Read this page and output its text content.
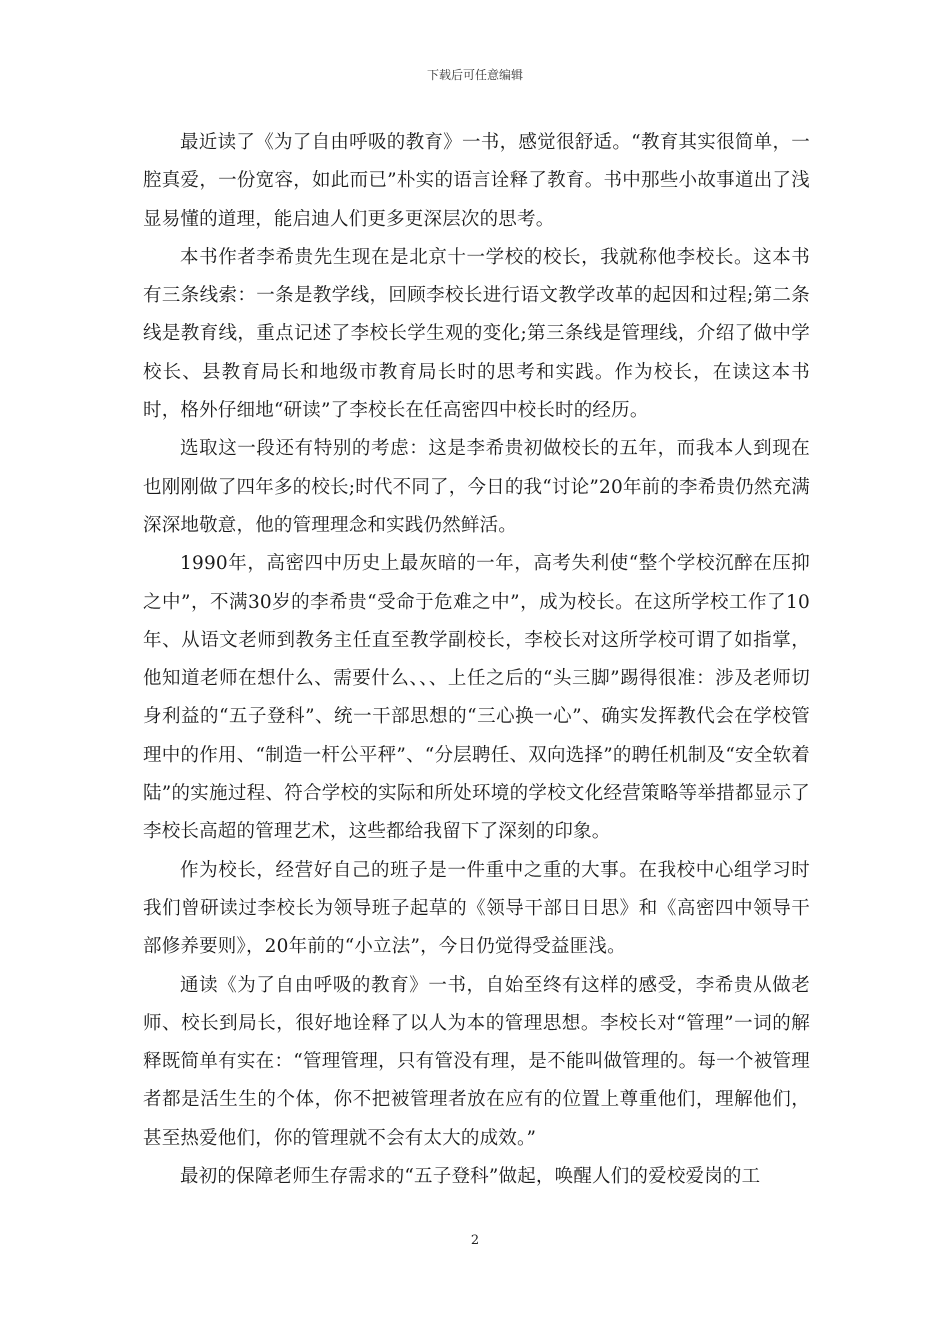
下载后可任意编辑

最近读了《为了自由呼吸的教育》一书，感觉很舒适。“教育其实很简单，一腔真爱，一份宽容，如此而已”朴实的语言诠释了教育。书中那些小故事道出了浅显易懂的道理，能启迪人们更多更深层次的思考。

本书作者李希贵先生现在是北京十一学校的校长，我就称他李校长。这本书有三条线索：一条是教学线，回顾李校长进行语文教学改革的起因和过程;第二条线是教育线，重点记述了李校长学生观的变化;第三条线是管理线，介绍了做中学校长、县教育局长和地级市教育局长时的思考和实践。作为校长，在读这本书时，格外仔细地“研读”了李校长在任高密四中校长时的经历。

选取这一段还有特别的考虑：这是李希贵初做校长的五年，而我本人到现在也刚刚做了四年多的校长;时代不同了，今日的我“讨论”20年前的李希贵仍然充满深深地敬意，他的管理理念和实践仍然鲜活。

1990年，高密四中历史上最灰暗的一年，高考失利使“整个学校沉醉在压抑之中”，不满30岁的李希贵“受命于危难之中”，成为校长。在这所学校工作了10年、从语文老师到教务主任直至教学副校长，李校长对这所学校可谓了如指掌，他知道老师在想什么、需要什么、、、上任之后的“头三脚”踢得很准：涉及老师切身利益的“五子登科”、统一干部思想的“三心换一心”、确实发挥教代会在学校管理中的作用、“制造一杆公平秤”、“分层聘任、双向选择”的聘任机制及“安全软着陆”的实施过程、符合学校的实际和所处环境的学校文化经营策略等举措都显示了李校长高超的管理艺术，这些都给我留下了深刻的印象。

作为校长，经营好自己的班子是一件重中之重的大事。在我校中心组学习时我们曾研读过李校长为领导班子起草的《领导干部日日思》和《高密四中领导干部修养要则》，20年前的“小立法”，今日仍觉得受益匪浅。

通读《为了自由呼吸的教育》一书，自始至终有这样的感受，李希贵从做老师、校长到局长，很好地诠释了以人为本的管理思想。李校长对“管理”一词的解释既简单有实在：“管理管理，只有管没有理，是不能叫做管理的。每一个被管理者都是活生生的个体，你不把被管理者放在应有的位置上尊重他们，理解他们，甚至热爱他们，你的管理就不会有太大的成效。”

最初的保障老师生存需求的“五子登科”做起，唤醒人们的爱校爱岗的工

2
